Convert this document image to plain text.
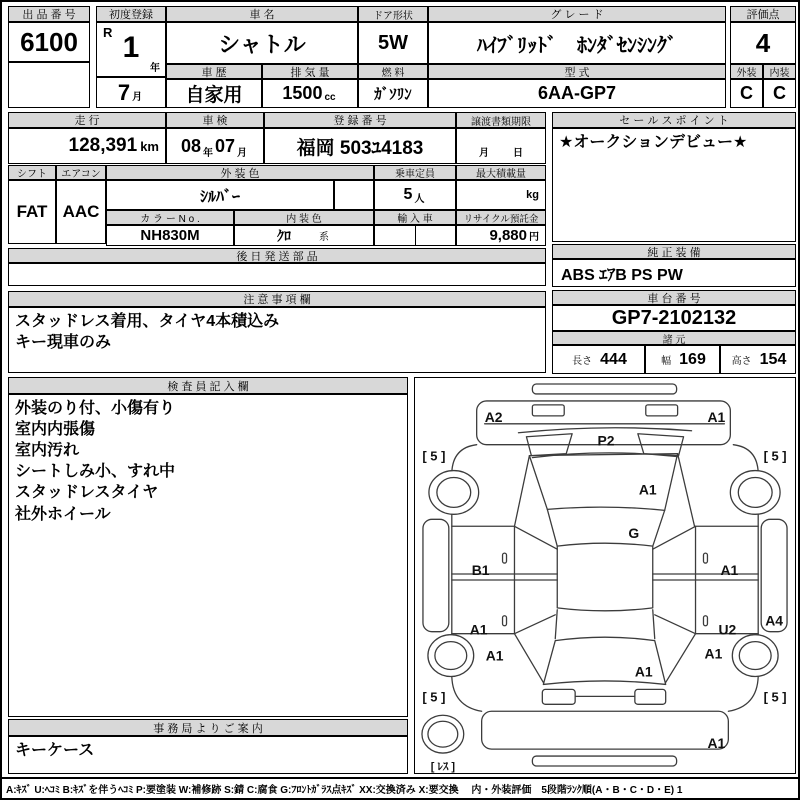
出 品 番 号
6100
初度登録
R 1
年
7 月
車 名
シャトル
車 歴	排 気 量
自家用	1500 cc
ドア形状
5W
燃 料
ｶﾞｿﾘﾝ
グ レ ー ド
ﾊｲﾌﾞﾘｯﾄﾞ　ﾎﾝﾀﾞｾﾝｼﾝｸﾞ
型 式
6AA-GP7
評価点
4
外装	内装
C	C
走 行
128,391 km
車 検
08 年 07 月
登 録 番 号
福岡 503ﾕ4183
譲渡書類期限
月 日
セ ー ル ス ポ イ ン ト
★オークションデビュー★
シフト	エアコン
FAT AAC
外 装 色
ｼﾙﾊﾞｰ
乗車定員
5 人
最大積載量
kg
カ ラ ー N o .
NH830M
内 装 色
ｸﾛ	系
輸 入 車	リサイクル預託金
9,880 円
後 日 発 送 部 品	純 正 装 備
ABS ｴｱB PS PW
注 意 事 項 欄
スタッドレス着用、タイヤ4本積込み
キー現車のみ
車 台 番 号
GP7-2102132
諸 元
長さ 444	幅 169	高さ 154
検 査 員 記 入 欄
外装のり付、小傷有り
室内内張傷
室内汚れ
シートしみ小、すれ中
スタッドレスタイヤ
社外ホイール
事 務 局 よ り ご 案 内
キーケース
A2	A1
P2
[ 5 ]	[ 5 ]
A1
G
B1	A1
A1	U2
A4
A1	A1
A1
[ 5 ]	[ 5 ]
A1
[ ﾚｽ ]
A:ｷｽﾞ U:ﾍｺﾐ B:ｷｽﾞを伴うﾍｺﾐ P:要塗装 W:補修跡 S:錆 C:腐食 G:ﾌﾛﾝﾄｶﾞﾗｽ点ｷｽﾞ XX:交換済み X:要交換　 内・外装評価　5段階ﾗﾝｸ順(A・B・C・D・E) 1
